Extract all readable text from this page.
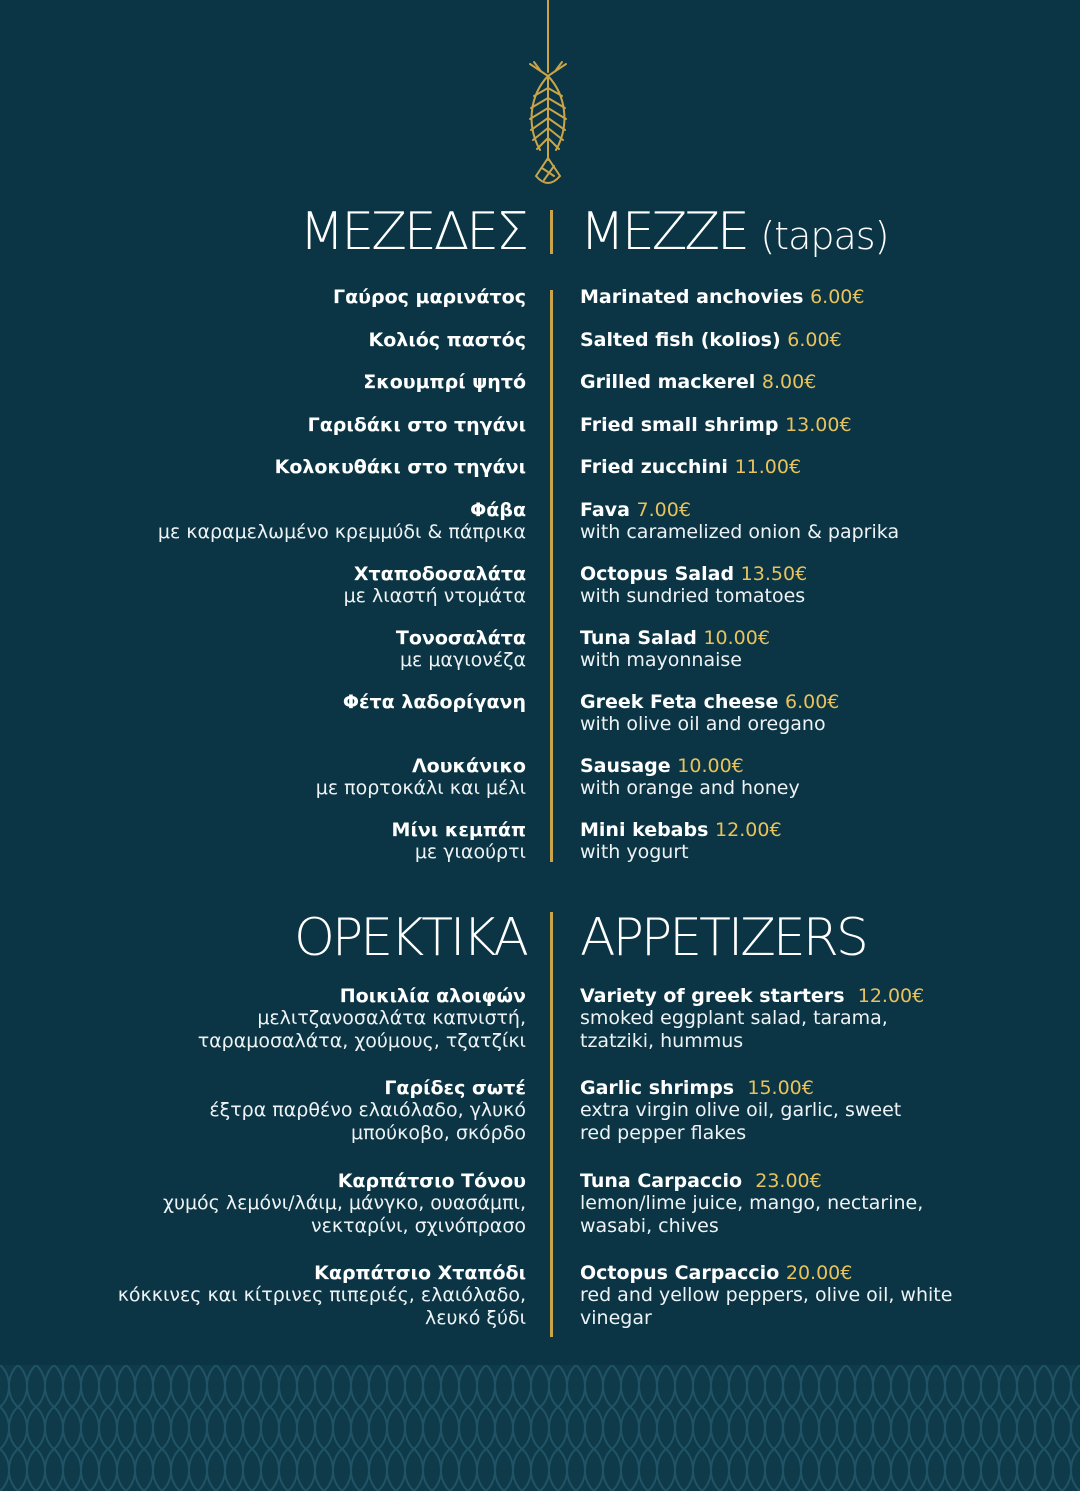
ΜΕΖΕΔΕΣ
Γαύρος μαρινάτος
Κολιός παστός
Σκουμπρί ψητό
Γαριδάκι στο τηγάνι
Κολοκυθάκι στο τηγάνι
Φάβα
με καραμελωμένο κρεμμύδι & πάπρικα
Χταποδοσαλάτα
με λιαστή ντομάτα
Τονοσαλάτα
με μαγιονέζα
Φέτα λαδορίγανη
Λουκάνικο
με πορτοκάλι και μέλι
Μίνι κεμπάπ
με γιαούρτι
MEZZE (tapas)
Marinated anchovies 6.00€
Salted fish (kolios) 6.00€
Grilled mackerel 8.00€
Fried small shrimp 13.00€
Fried zucchini 11.00€
Fava 7.00€
with caramelized onion & paprika
Octopus Salad 13.50€
with sundried tomatoes
Tuna Salad 10.00€
with mayonnaise
Greek Feta cheese 6.00€
with olive oil and oregano
Sausage 10.00€
with orange and honey
Mini kebabs 12.00€
with yogurt
ΟΡΕΚΤΙΚΑ
Ποικιλία αλοιφών
μελιτζανοσαλάτα καπνιστή,
ταραμοσαλάτα, χούμους, τζατζίκι
Γαρίδες σωτέ
έξτρα παρθένο ελαιόλαδο, γλυκό
μπούκοβο, σκόρδο
Καρπάτσιο Τόνου
χυμός λεμόνι/λάιμ, μάνγκο, ουασάμπι,
νεκταρίνι, σχινόπρασο
Καρπάτσιο Χταπόδι
κόκκινες και κίτρινες πιπεριές, ελαιόλαδο,
λευκό ξύδι
APPETIZERS
Variety of greek starters 12.00€
smoked eggplant salad, tarama,
tzatziki, hummus
Garlic shrimps 15.00€
extra virgin olive oil, garlic, sweet
red pepper flakes
Tuna Carpaccio 23.00€
lemon/lime juice, mango, nectarine,
wasabi, chives
Octopus Carpaccio 20.00€
red and yellow peppers, olive oil, white
vinegar
